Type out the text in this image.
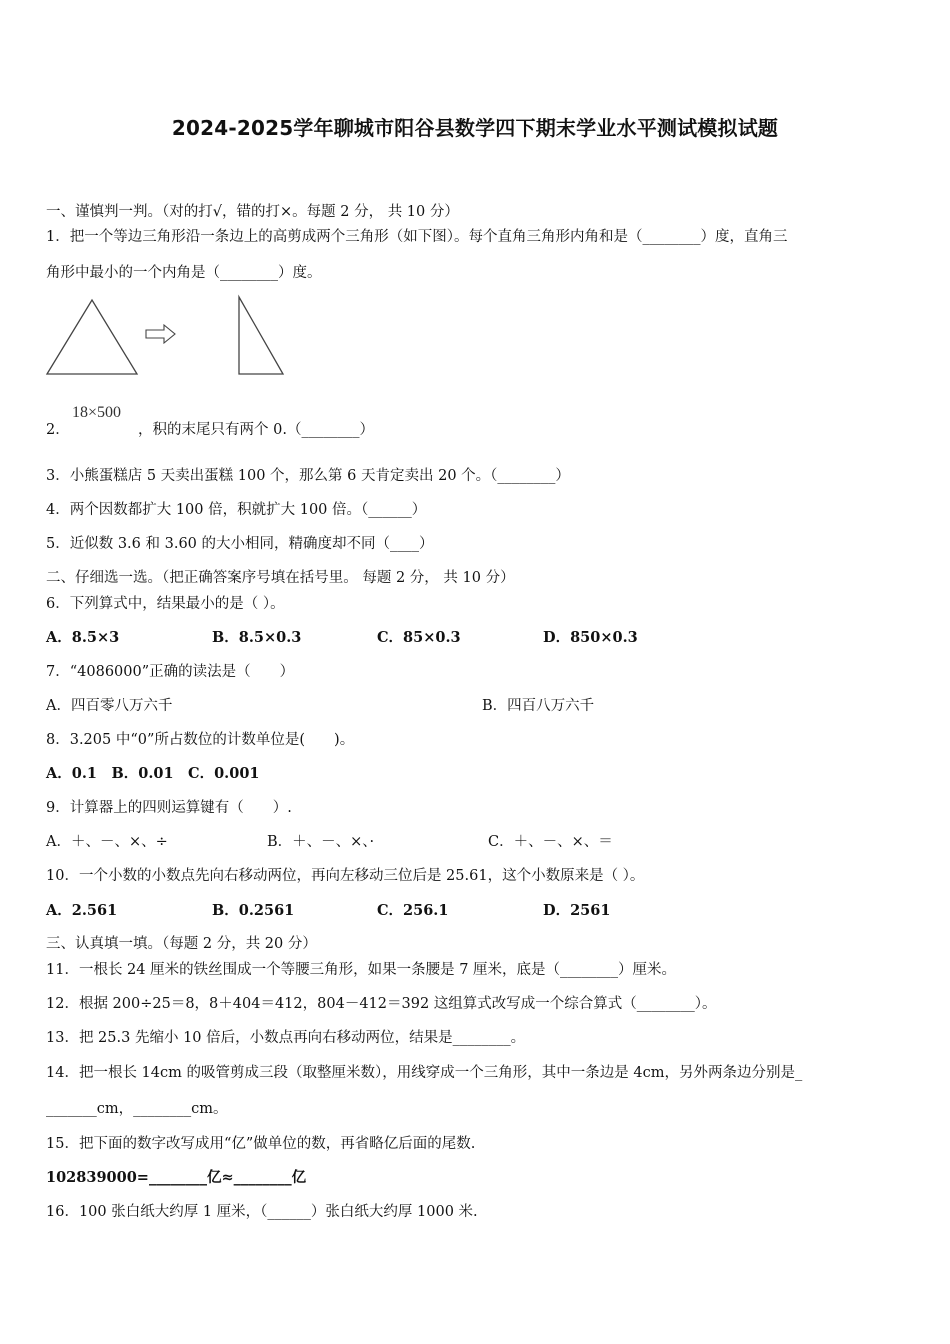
2024-2025学年聊城市阳谷县数学四下期末学业水平测试模拟试题
一、谨慎判一判。（对的打√，错的打×。每题 2 分， 共 10 分）
1．把一个等边三角形沿一条边上的高剪成两个三角形（如下图）。每个直角三角形内角和是（________）度，直角三
角形中最小的一个内角是（________）度。
2．
18×500
，积的末尾只有两个 0.（________）
3．小熊蛋糕店 5 天卖出蛋糕 100 个，那么第 6 天肯定卖出 20 个。（________）
4．两个因数都扩大 100 倍，积就扩大 100 倍。（______）
5．近似数 3.6 和 3.60 的大小相同，精确度却不同（____）
二、仔细选一选。（把正确答案序号填在括号里。 每题 2 分， 共 10 分）
6．下列算式中，结果最小的是（ ）。
A．8.5×3	B．8.5×0.3	C．85×0.3	D．850×0.3
7．“4086000”正确的读法是（　　）
A．四百零八万六千	B．四百八万六千
8．3.205 中“0”所占数位的计数单位是(　　)。
A．0.1　B．0.01　C．0.001
9．计算器上的四则运算键有（　　）.
A．＋、－、×、÷	B．＋、－、×、·	C．＋、－、×、＝
10．一个小数的小数点先向右移动两位，再向左移动三位后是 25.61，这个小数原来是（ ）。
A．2.561	B．0.2561	C．256.1	D．2561
三、认真填一填。（每题 2 分，共 20 分）
11．一根长 24 厘米的铁丝围成一个等腰三角形，如果一条腰是 7 厘米，底是（________）厘米。
12．根据 200÷25＝8，8＋404＝412，804－412＝392 这组算式改写成一个综合算式（________）。
13．把 25.3 先缩小 10 倍后，小数点再向右移动两位，结果是________。
14．把一根长 14cm 的吸管剪成三段（取整厘米数），用线穿成一个三角形，其中一条边是 4cm，另外两条边分别是_
_______cm，________cm。
15．把下面的数字改写成用“亿”做单位的数，再省略亿后面的尾数.
102839000=________亿≈________亿
16．100 张白纸大约厚 1 厘米，（______）张白纸大约厚 1000 米.
